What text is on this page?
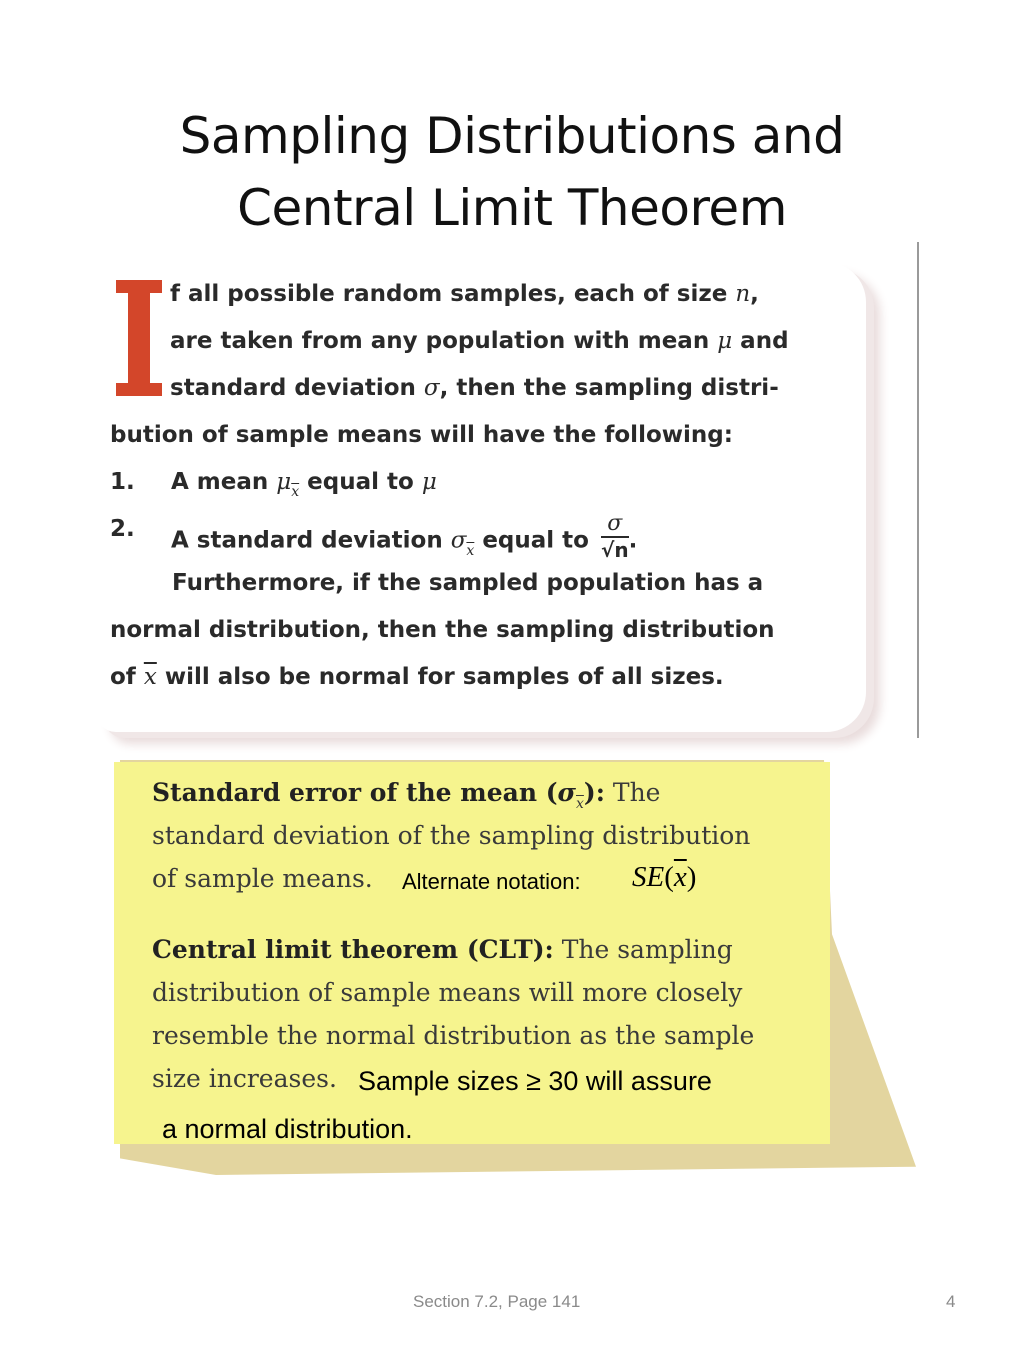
Sampling Distributions and
Central Limit Theorem
f all possible random samples, each of size n,
are taken from any population with mean μ and
standard deviation σ, then the sampling distri-
bution of sample means will have the following:
1. A mean $\mu_{\overline{x}}$ equal to μ
2. A standard deviation $\sigma_{\overline{x}}$ equal to $\frac{\sigma}{√n}$ .
Furthermore, if the sampled population has a
normal distribution, then the sampling distribution
of $\overline{x}$ will also be normal for samples of all sizes.
Standard error of the mean $(\sigma_{\overline{x}})$: The
standard deviation of the sampling distribution
of sample means. Alternate notation: $SE(\overline{x})$
Central limit theorem (CLT): The sampling
distribution of sample means will more closely
resemble the normal distribution as the sample
size increases. Sample sizes ≥ 30 will assure
a normal distribution.
Section 7.2, Page 141	4
